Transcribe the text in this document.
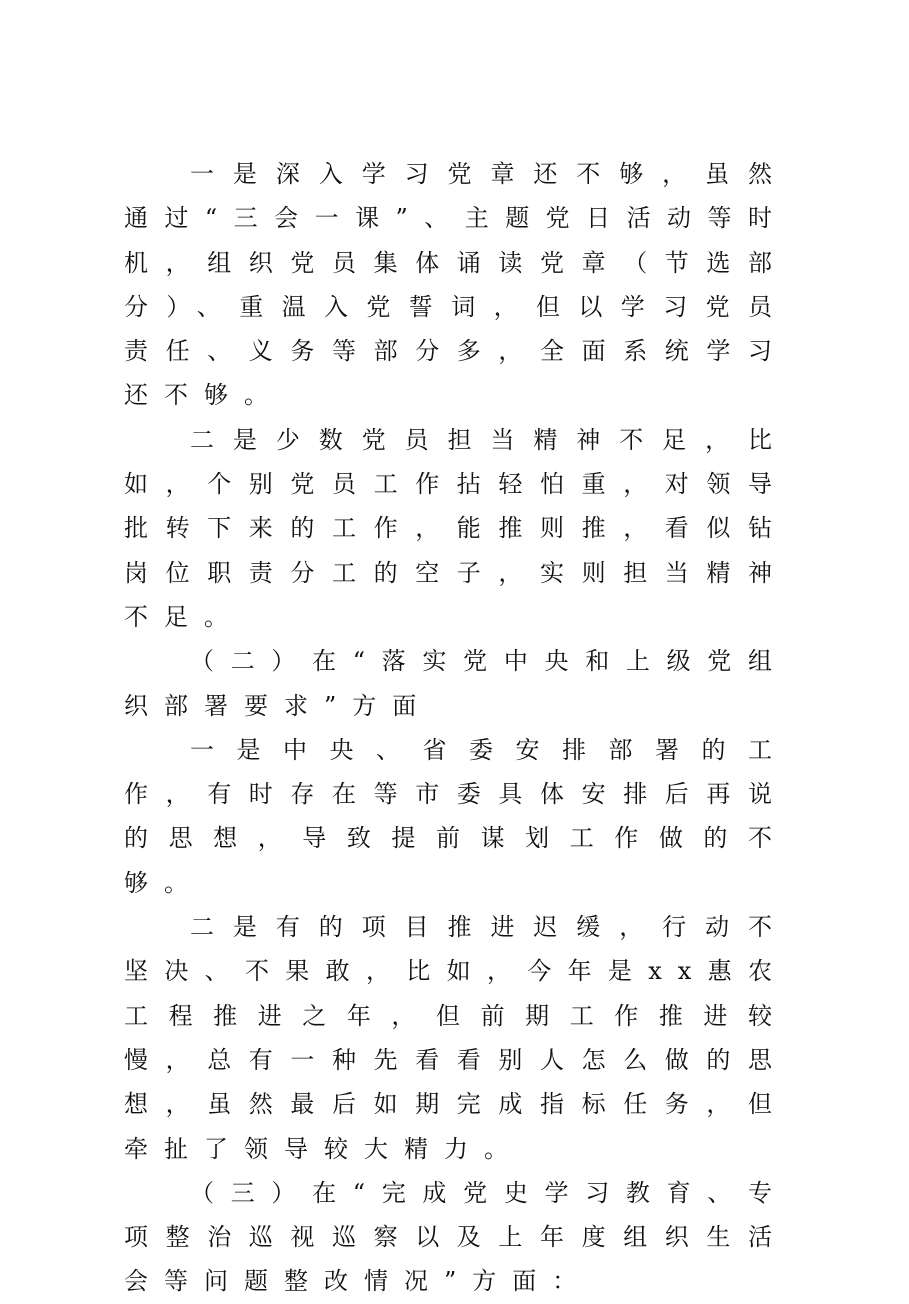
一是深入学习党章还不够，虽然通过“三会一课”、主题党日活动等时机，组织党员集体诵读党章（节选部分）、重温入党誓词，但以学习党员责任、义务等部分多，全面系统学习还不够。

二是少数党员担当精神不足，比如，个别党员工作拈轻怕重，对领导批转下来的工作，能推则推，看似钻岗位职责分工的空子，实则担当精神不足。

（二）在“落实党中央和上级党组织部署要求”方面

一是中央、省委安排部署的工作，有时存在等市委具体安排后再说的思想，导致提前谋划工作做的不够。

二是有的项目推进迟缓，行动不坚决、不果敢，比如，今年是xx惠农工程推进之年，但前期工作推进较慢，总有一种先看看别人怎么做的思想，虽然最后如期完成指标任务，但牵扯了领导较大精力。

（三）在“完成党史学习教育、专项整治巡视巡察以及上年度组织生活会等问题整改情况”方面：
